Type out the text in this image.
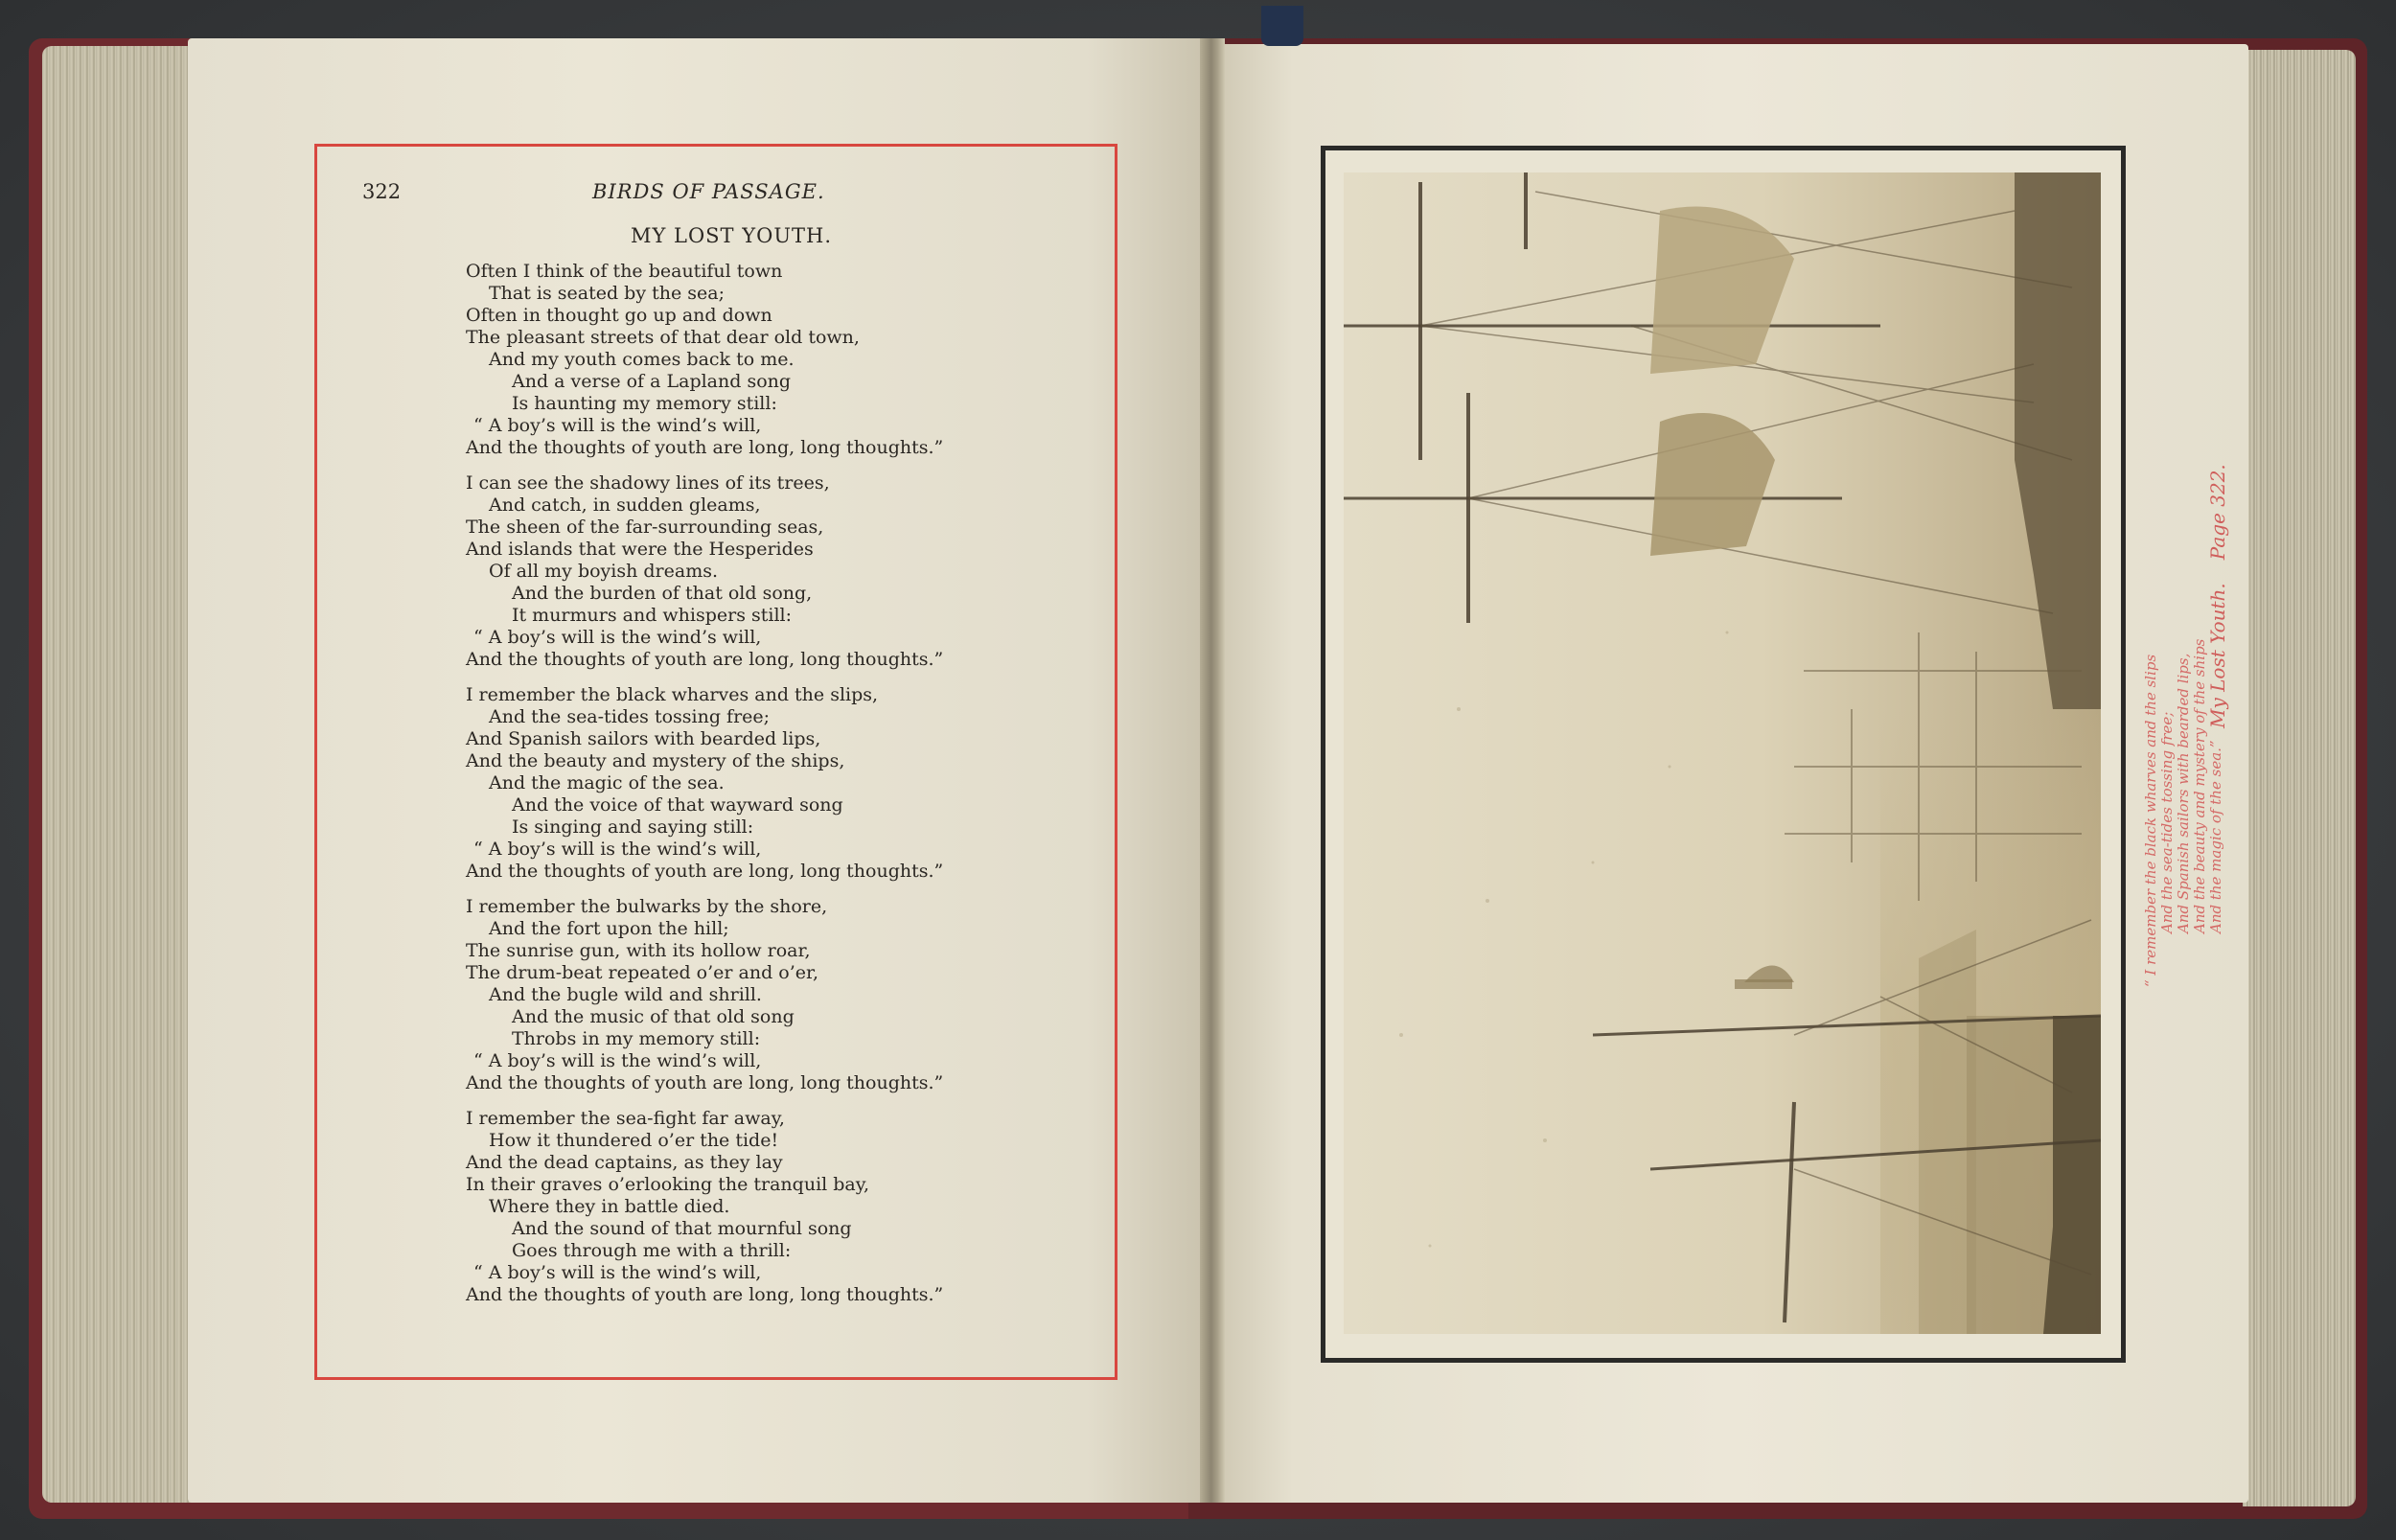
322	BIRDS OF PASSAGE.
MY LOST YOUTH.
Often I think of the beautiful town
That is seated by the sea;
Often in thought go up and down
The pleasant streets of that dear old town,
And my youth comes back to me.
And a verse of a Lapland song
Is haunting my memory still:
“ A boy’s will is the wind’s will,
And the thoughts of youth are long, long thoughts.”
I can see the shadowy lines of its trees,
And catch, in sudden gleams,
The sheen of the far-surrounding seas,
And islands that were the Hesperides
Of all my boyish dreams.
And the burden of that old song,
It murmurs and whispers still:
“ A boy’s will is the wind’s will,
And the thoughts of youth are long, long thoughts.”
I remember the black wharves and the slips,
And the sea-tides tossing free;
And Spanish sailors with bearded lips,
And the beauty and mystery of the ships,
And the magic of the sea.
And the voice of that wayward song
Is singing and saying still:
“ A boy’s will is the wind’s will,
And the thoughts of youth are long, long thoughts.”
I remember the bulwarks by the shore,
And the fort upon the hill;
The sunrise gun, with its hollow roar,
The drum-beat repeated o’er and o’er,
And the bugle wild and shrill.
And the music of that old song
Throbs in my memory still:
“ A boy’s will is the wind’s will,
And the thoughts of youth are long, long thoughts.”
I remember the sea-fight far away,
How it thundered o’er the tide!
And the dead captains, as they lay
In their graves o’erlooking the tranquil bay,
Where they in battle died.
And the sound of that mournful song
Goes through me with a thrill:
“ A boy’s will is the wind’s will,
And the thoughts of youth are long, long thoughts.”
“ I remember the black wharves and the slips And the sea-tides tossing free; And Spanish sailors with bearded lips, And the beauty and mystery of the ships And the magic of the sea.”
My Lost Youth.Page 322.
